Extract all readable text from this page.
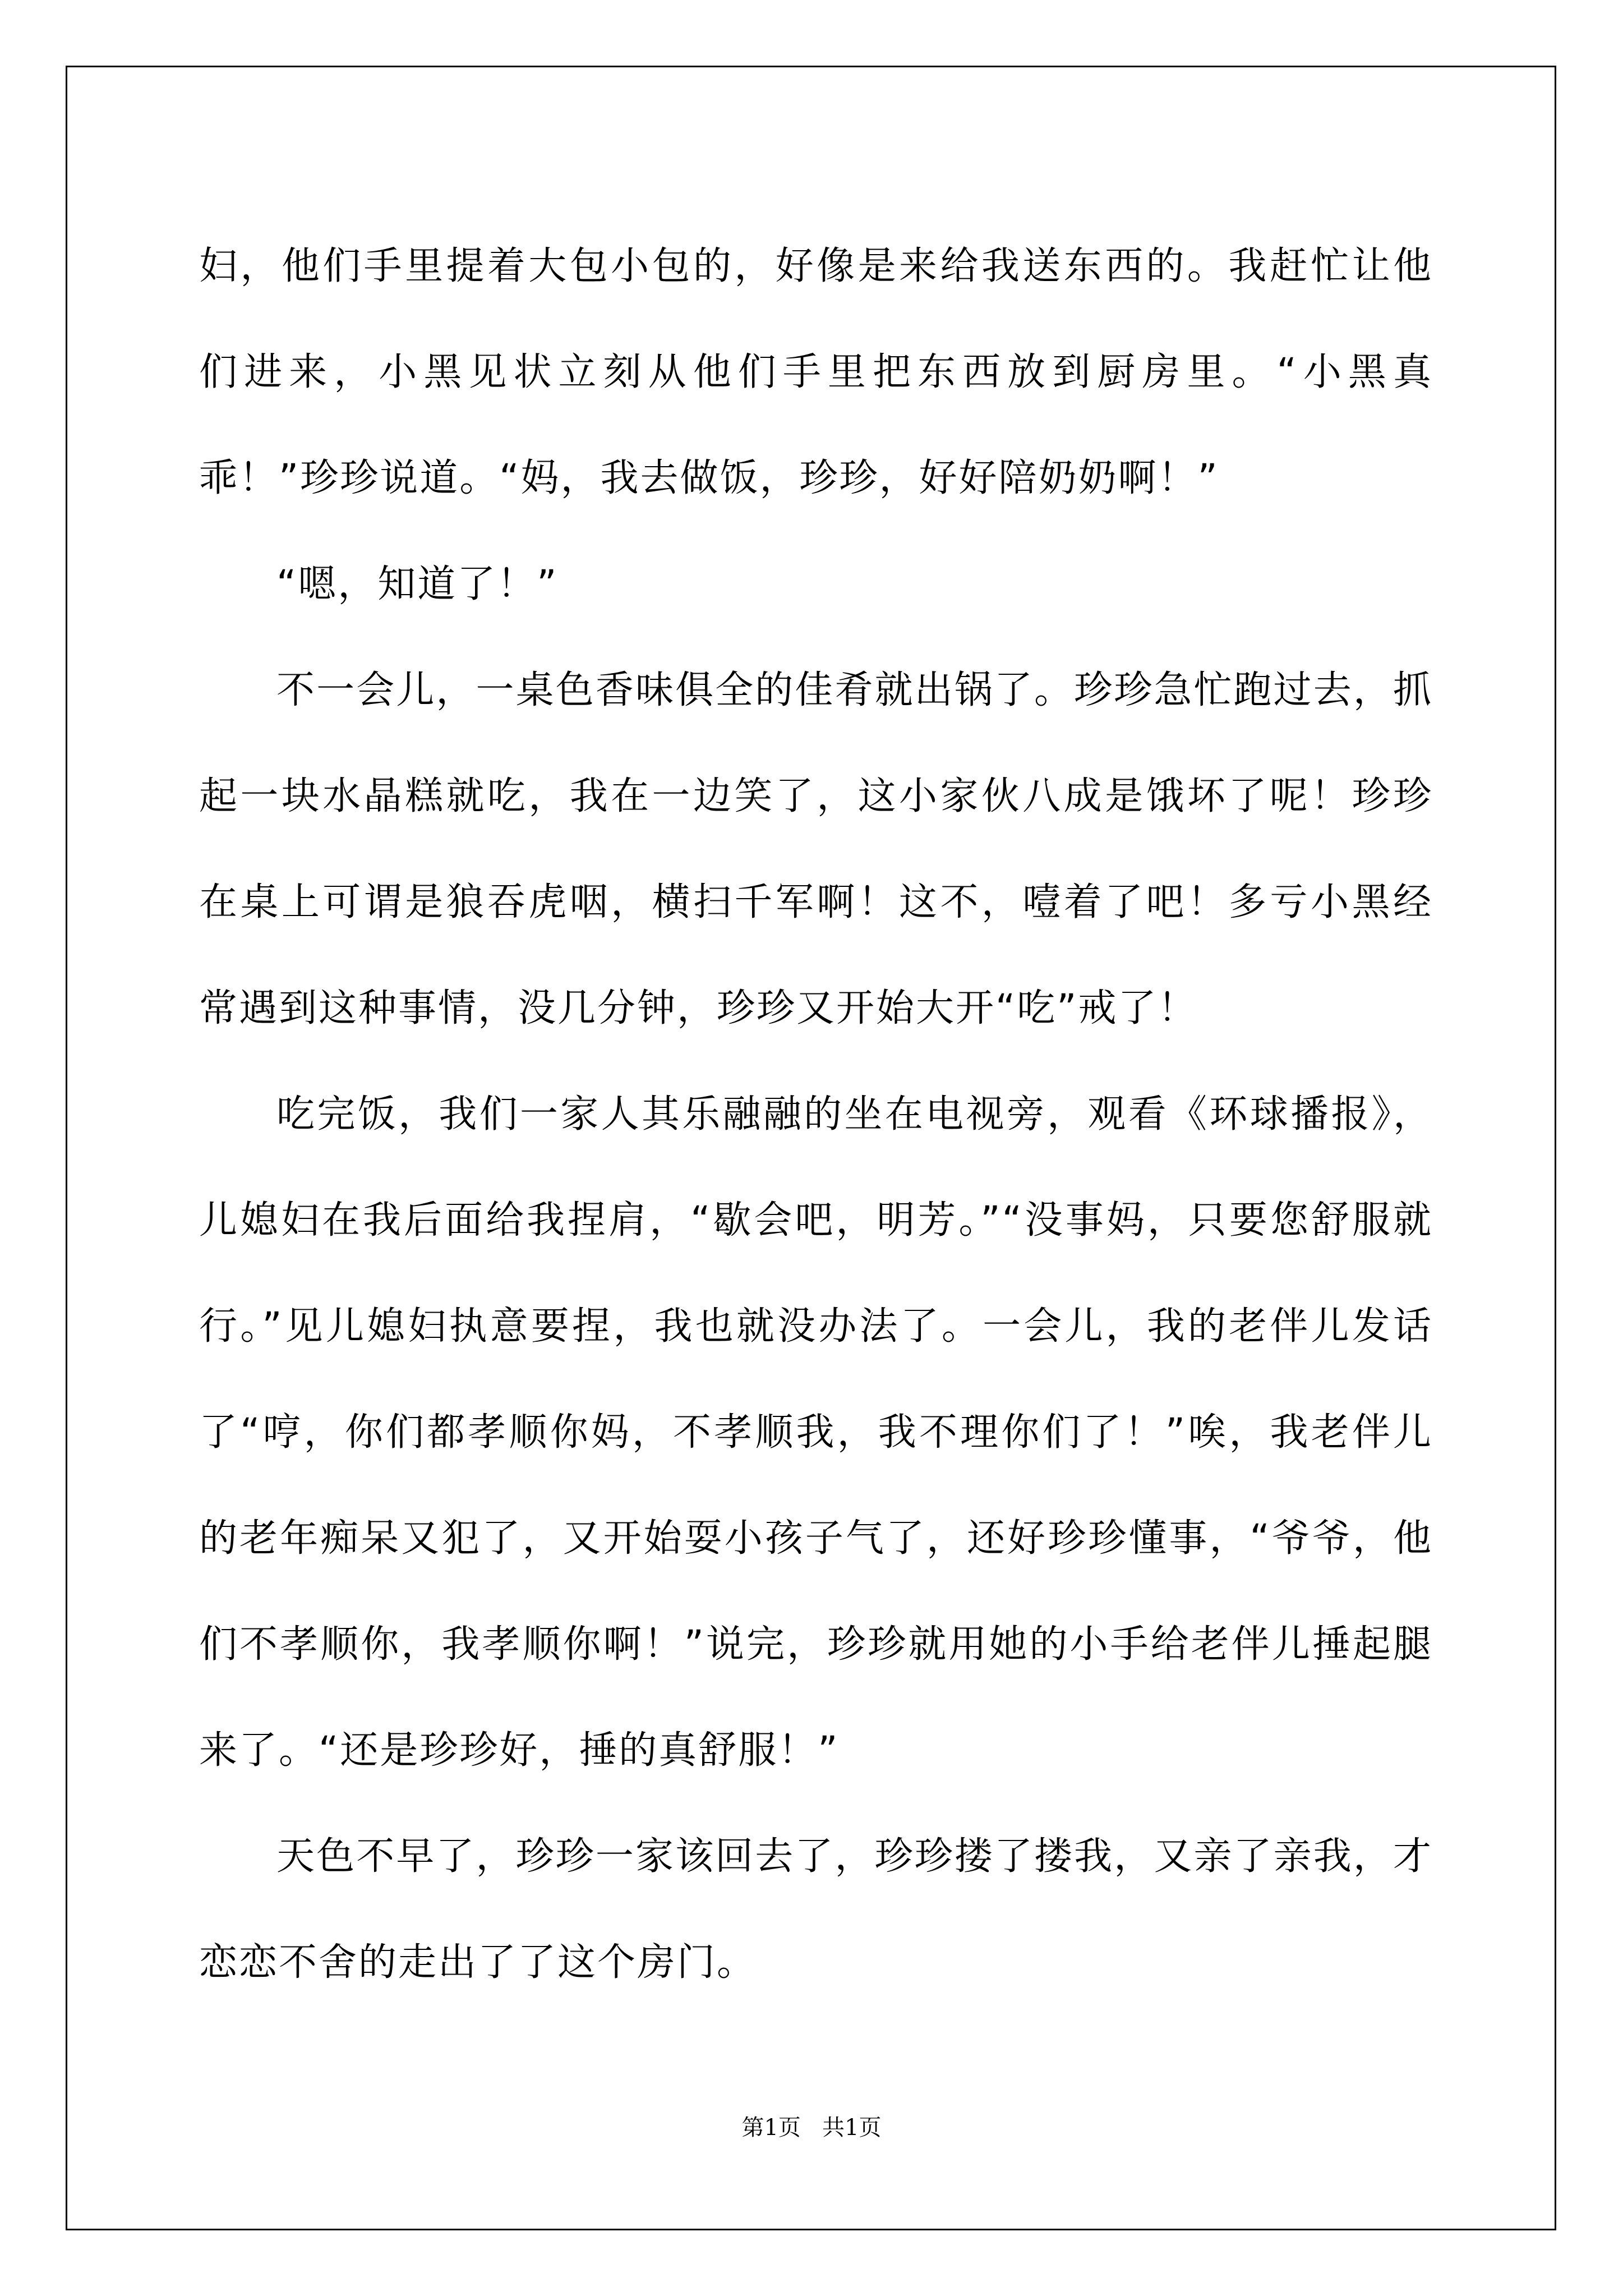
妇，他们手里提着大包小包的，好像是来给我送东西的。我赶忙让他们进来，小黑见状立刻从他们手里把东西放到厨房里。“小黑真乖！”珍珍说道。“妈，我去做饭，珍珍，好好陪奶奶啊！”

“嗯，知道了！”

不一会儿，一桌色香味俱全的佳肴就出锅了。珍珍急忙跑过去，抓起一块水晶糕就吃，我在一边笑了，这小家伙八成是饿坏了呢！珍珍在桌上可谓是狼吞虎咽，横扫千军啊！这不，噎着了吧！多亏小黑经常遇到这种事情，没几分钟，珍珍又开始大开“吃”戒了！

吃完饭，我们一家人其乐融融的坐在电视旁，观看《环球播报》，儿媳妇在我后面给我捏肩，“歇会吧，明芳。”“没事妈，只要您舒服就行。”见儿媳妇执意要捏，我也就没办法了。一会儿，我的老伴儿发话了“哼，你们都孝顺你妈，不孝顺我，我不理你们了！”唉，我老伴儿的老年痴呆又犯了，又开始耍小孩子气了，还好珍珍懂事，“爷爷，他们不孝顺你，我孝顺你啊！”说完，珍珍就用她的小手给老伴儿捶起腿来了。“还是珍珍好，捶的真舒服！”

天色不早了，珍珍一家该回去了，珍珍搂了搂我，又亲了亲我，才恋恋不舍的走出了了这个房门。

第1页   共1页
